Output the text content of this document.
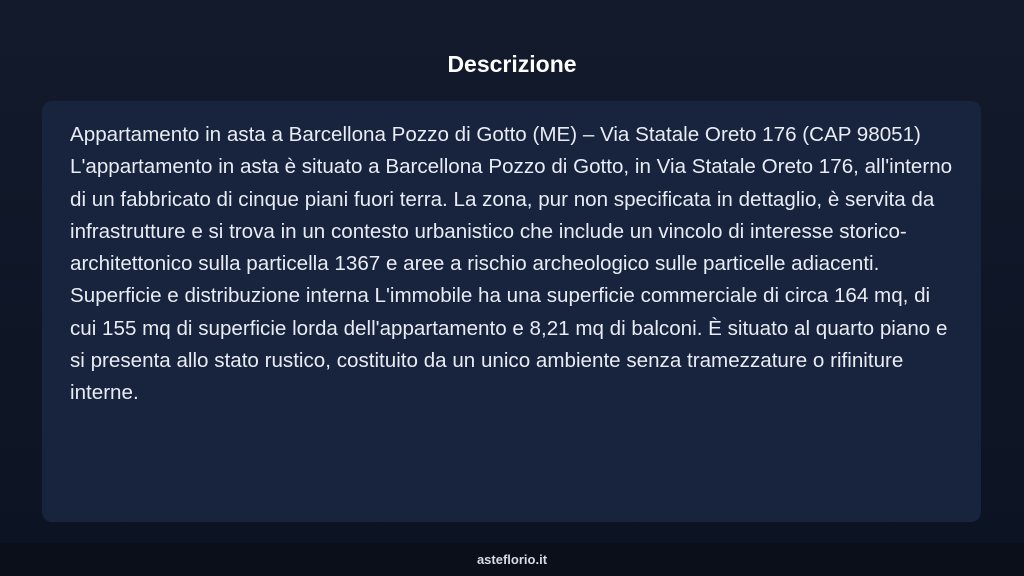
Descrizione

Appartamento in asta a Barcellona Pozzo di Gotto (ME) – Via Statale Oreto 176 (CAP 98051) L'appartamento in asta è situato a Barcellona Pozzo di Gotto, in Via Statale Oreto 176, all'interno di un fabbricato di cinque piani fuori terra. La zona, pur non specificata in dettaglio, è servita da infrastrutture e si trova in un contesto urbanistico che include un vincolo di interesse storico-architettonico sulla particella 1367 e aree a rischio archeologico sulle particelle adiacenti. Superficie e distribuzione interna L'immobile ha una superficie commerciale di circa 164 mq, di cui 155 mq di superficie lorda dell'appartamento e 8,21 mq di balconi. È situato al quarto piano e si presenta allo stato rustico, costituito da un unico ambiente senza tramezzature o rifiniture interne.

asteflorio.it
